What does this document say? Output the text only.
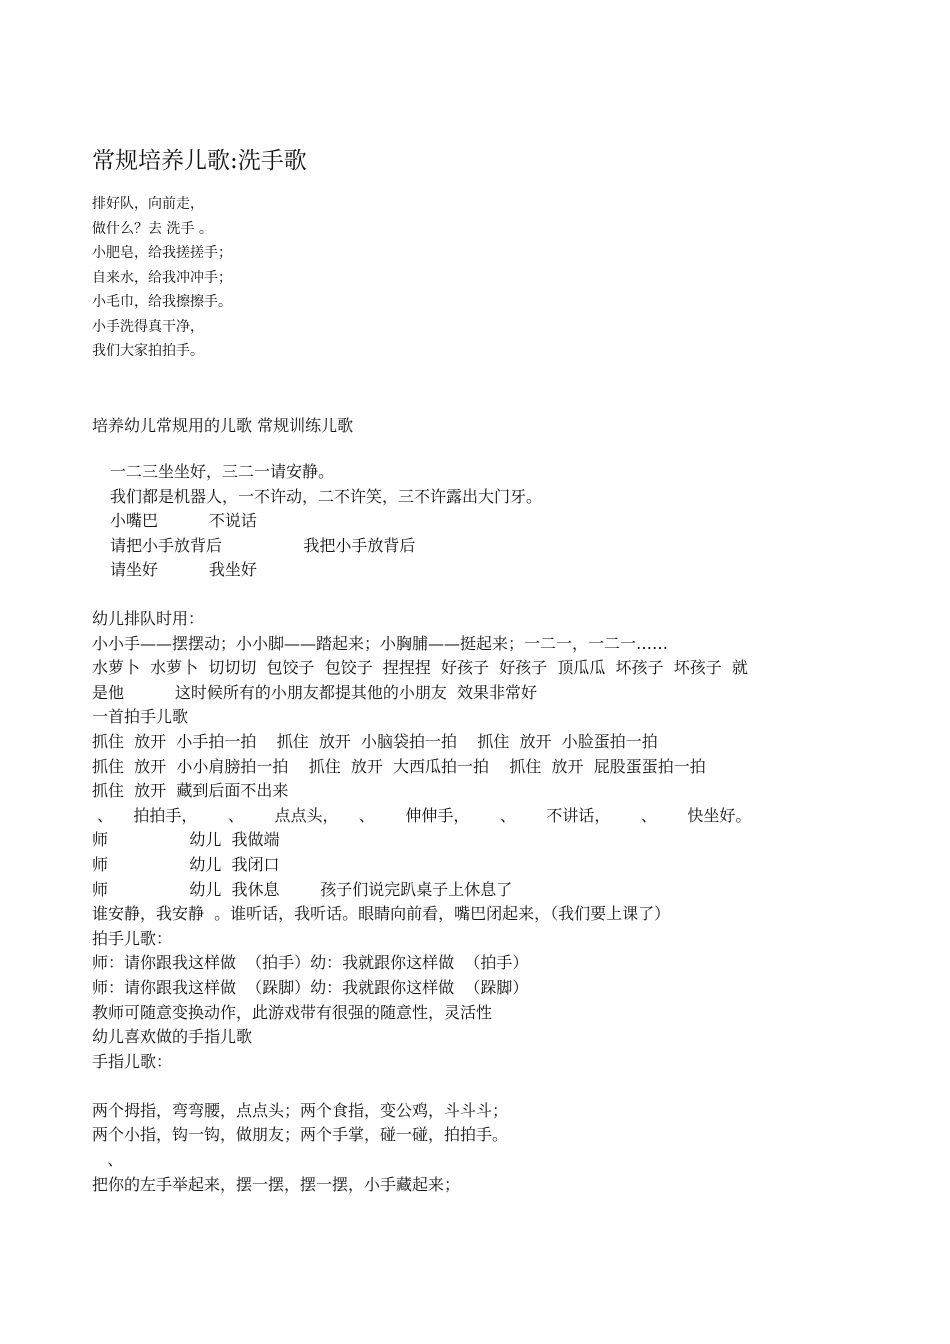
常规培养儿歌:洗手歌
排好队，向前走，
做什么？去 洗手 。
小肥皂，给我搓搓手；
自来水，给我冲冲手；
小毛巾，给我擦擦手。
小手洗得真干净，
我们大家拍拍手。
培养幼儿常规用的儿歌 常规训练儿歌
一二三坐坐好，三二一请安静。
我们都是机器人，一不许动，二不许笑，三不许露出大门牙。
小嘴巴          不说话
请把小手放背后                我把小手放背后
请坐好          我坐好
幼儿排队时用：
小小手——摆摆动；小小脚——踏起来；小胸脯——挺起来；一二一，一二一……
水萝卜  水萝卜  切切切  包饺子  包饺子  捏捏捏  好孩子  好孩子  顶瓜瓜  坏孩子  坏孩子  就
是他          这时候所有的小朋友都提其他的小朋友  效果非常好
一首拍手儿歌
抓住  放开  小手拍一拍    抓住  放开  小脑袋拍一拍    抓住  放开  小脸蛋拍一拍
抓住  放开  小小肩膀拍一拍    抓住  放开  大西瓜拍一拍    抓住  放开  屁股蛋蛋拍一拍
抓住  放开  藏到后面不出来
、    拍拍手，      、      点点头，    、      伸伸手，      、      不讲话，      、      快坐好。
师                幼儿  我做端
师                幼儿  我闭口
师                幼儿  我休息        孩子们说完趴桌子上休息了
谁安静，我安静  。谁听话，我听话。眼睛向前看，嘴巴闭起来，（我们要上课了）
拍手儿歌：
师：请你跟我这样做  （拍手）幼：我就跟你这样做  （拍手）
师：请你跟我这样做  （跺脚）幼：我就跟你这样做  （跺脚）
教师可随意变换动作，此游戏带有很强的随意性，灵活性
幼儿喜欢做的手指儿歌
手指儿歌：
两个拇指，弯弯腰，点点头；两个食指，变公鸡，斗斗斗；
两个小指，钩一钩，做朋友；两个手掌，碰一碰，拍拍手。
、
把你的左手举起来，摆一摆，摆一摆，小手藏起来；
